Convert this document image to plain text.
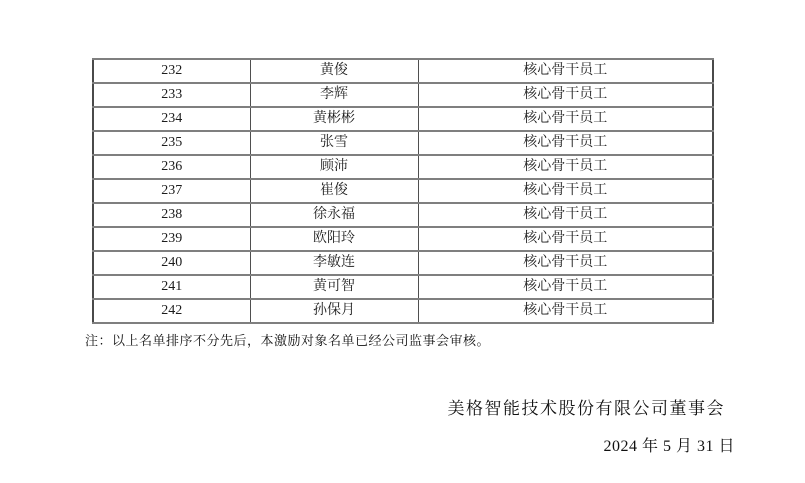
232	黄俊	核心骨干员工
233	李辉	核心骨干员工
234	黄彬彬	核心骨干员工
235	张雪	核心骨干员工
236	顾沛	核心骨干员工
237	崔俊	核心骨干员工
238	徐永福	核心骨干员工
239	欧阳玲	核心骨干员工
240	李敏连	核心骨干员工
241	黄可智	核心骨干员工
242	孙保月	核心骨干员工
注：以上名单排序不分先后，本激励对象名单已经公司监事会审核。
美格智能技术股份有限公司董事会
2024 年 5 月 31 日
